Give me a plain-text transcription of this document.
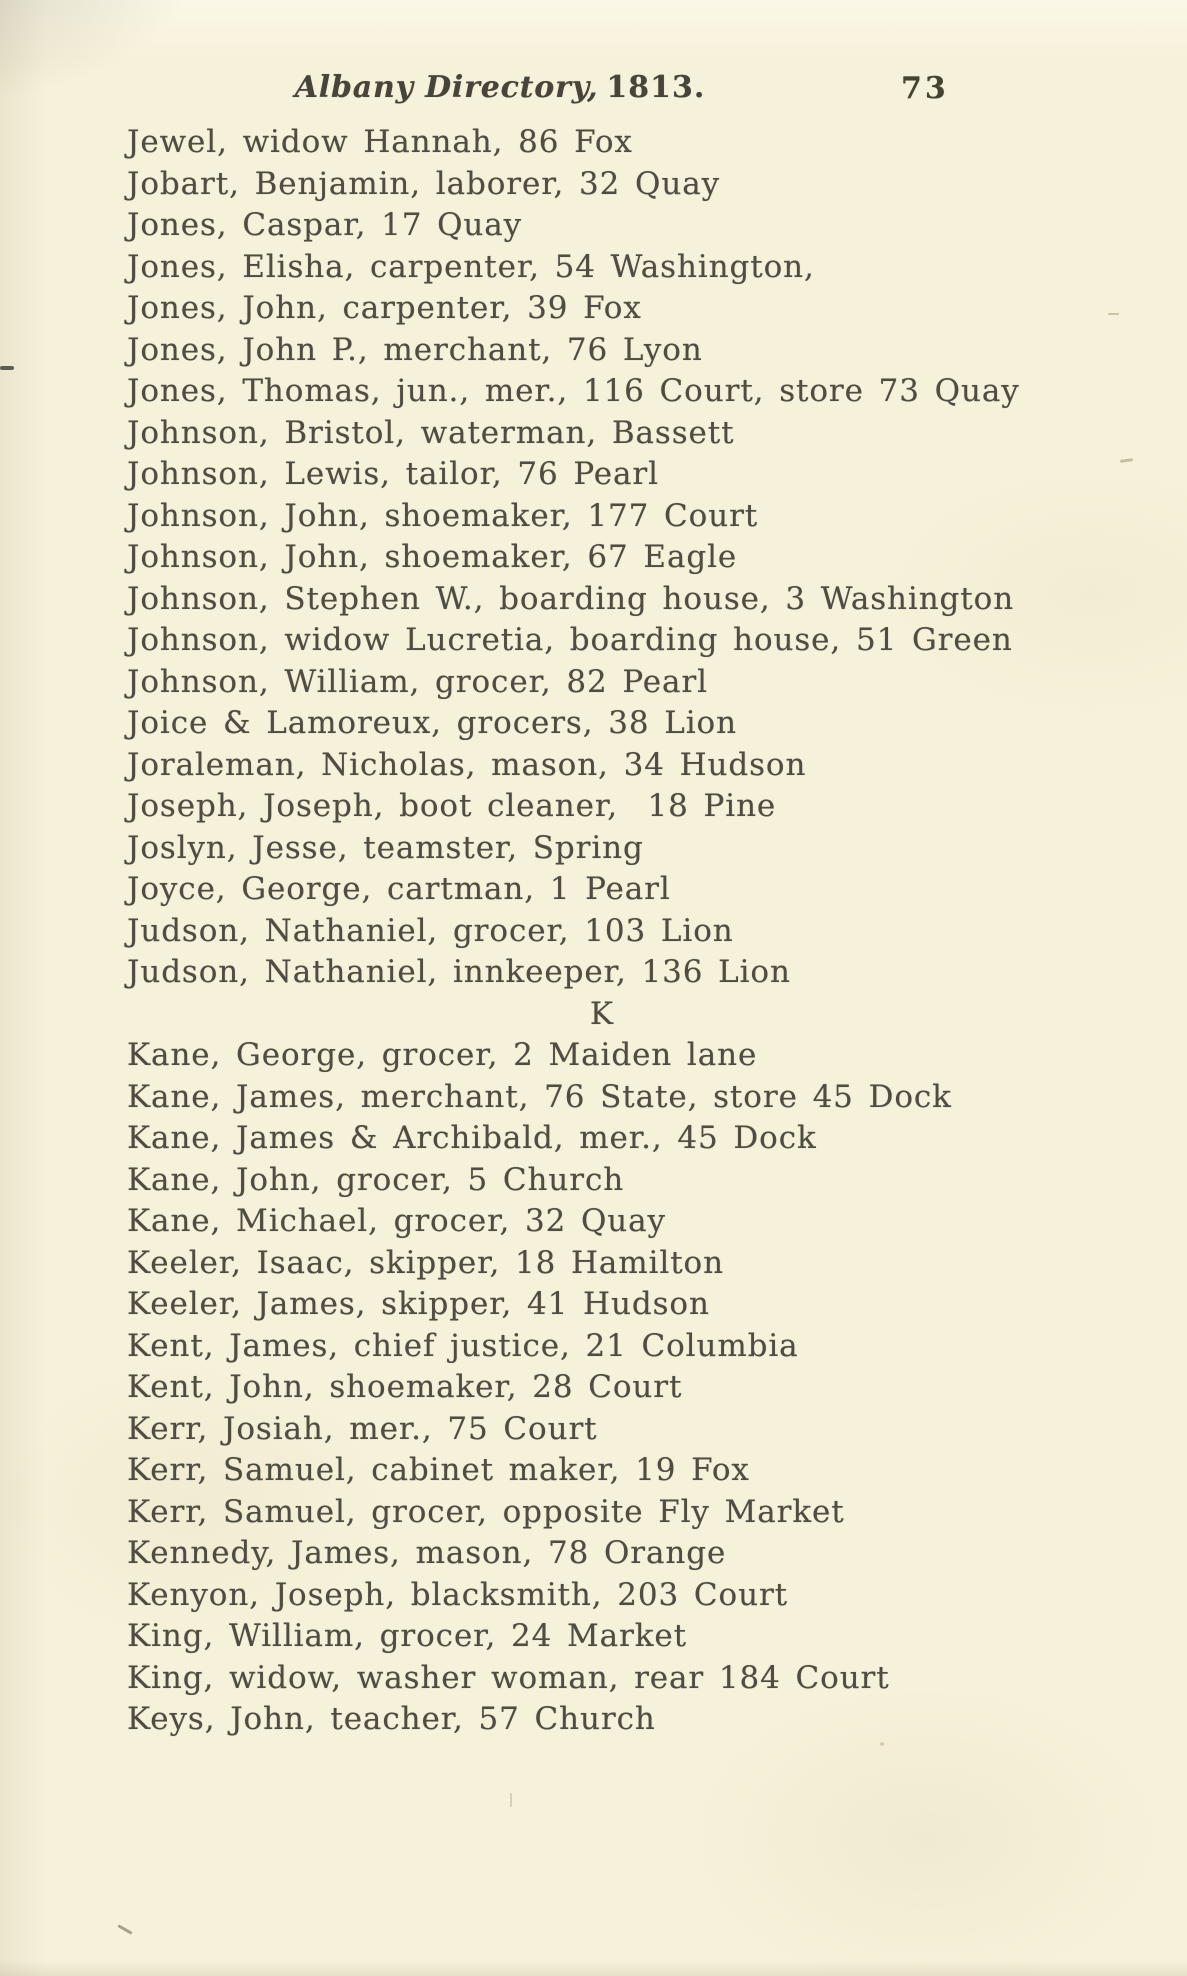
Albany Directory, 1813.	73
Jewel, widow Hannah, 86 Fox
Jobart, Benjamin, laborer, 32 Quay
Jones, Caspar, 17 Quay
Jones, Elisha, carpenter, 54 Washington,
Jones, John, carpenter, 39 Fox
Jones, John P., merchant, 76 Lyon
Jones, Thomas, jun., mer., 116 Court, store 73 Quay
Johnson, Bristol, waterman, Bassett
Johnson, Lewis, tailor, 76 Pearl
Johnson, John, shoemaker, 177 Court
Johnson, John, shoemaker, 67 Eagle
Johnson, Stephen W., boarding house, 3 Washington
Johnson, widow Lucretia, boarding house, 51 Green
Johnson, William, grocer, 82 Pearl
Joice & Lamoreux, grocers, 38 Lion
Joraleman, Nicholas, mason, 34 Hudson
Joseph, Joseph, boot cleaner,  18 Pine
Joslyn, Jesse, teamster, Spring
Joyce, George, cartman, 1 Pearl
Judson, Nathaniel, grocer, 103 Lion
Judson, Nathaniel, innkeeper, 136 Lion
K
Kane, George, grocer, 2 Maiden lane
Kane, James, merchant, 76 State, store 45 Dock
Kane, James & Archibald, mer., 45 Dock
Kane, John, grocer, 5 Church
Kane, Michael, grocer, 32 Quay
Keeler, Isaac, skipper, 18 Hamilton
Keeler, James, skipper, 41 Hudson
Kent, James, chief justice, 21 Columbia
Kent, John, shoemaker, 28 Court
Kerr, Josiah, mer., 75 Court
Kerr, Samuel, cabinet maker, 19 Fox
Kerr, Samuel, grocer, opposite Fly Market
Kennedy, James, mason, 78 Orange
Kenyon, Joseph, blacksmith, 203 Court
King, William, grocer, 24 Market
King, widow, washer woman, rear 184 Court
Keys, John, teacher, 57 Church
